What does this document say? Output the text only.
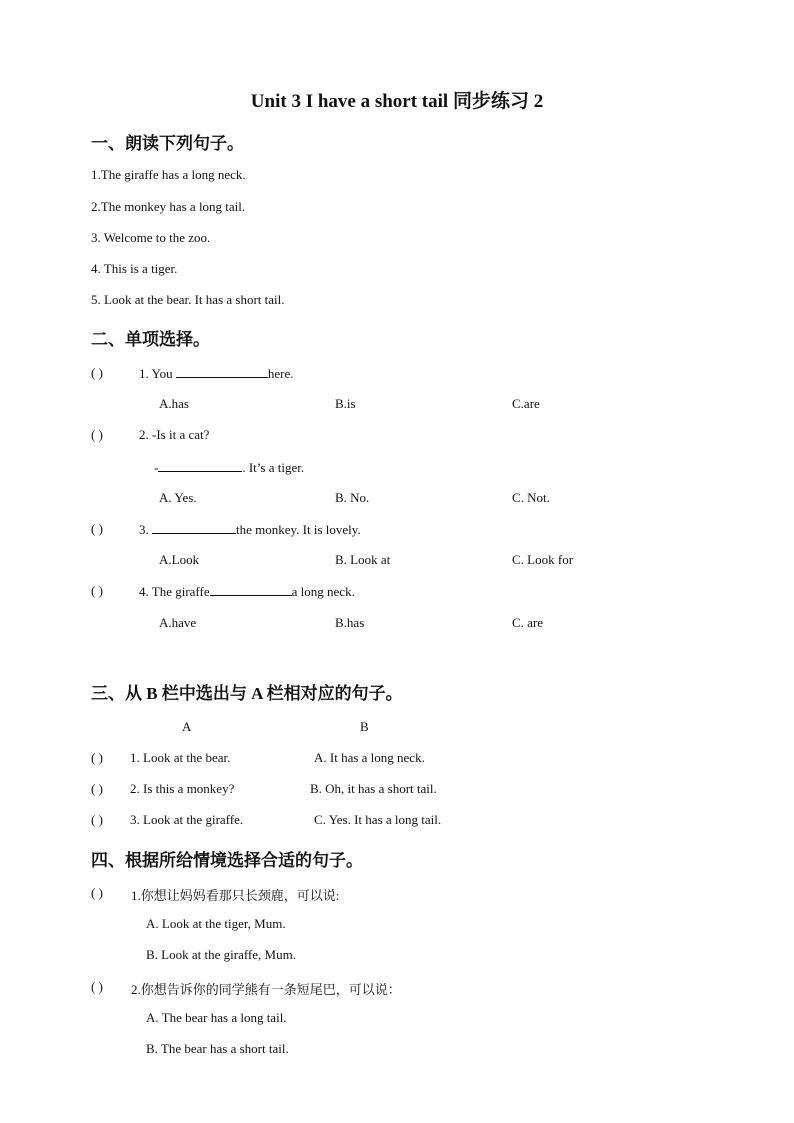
Unit 3 I have a short tail 同步练习 2
一、朗读下列句子。
1.The giraffe has a long neck.
2.The monkey has a long tail.
3. Welcome to the zoo.
4. This is a tiger.
5. Look at the bear. It has a short tail.
二、单项选择。
( )	1. You	here.
A.has	B.is	C.are
( )	2. -Is it a cat?
-	. It’s a tiger.
A. Yes.	B. No.	C. Not.
( )	3.	the monkey. It is lovely.
A.Look	B. Look at	C. Look for
( )	4. The giraffe	a long neck.
A.have	B.has	C. are
三、从 B 栏中选出与 A 栏相对应的句子。
A	B
( ) 1. Look at the bear.	A. It has a long neck.
( ) 2. Is this a monkey?	B. Oh, it has a short tail.
( ) 3. Look at the giraffe.	C. Yes. It has a long tail.
四、根据所给情境选择合适的句子。
( ) 1.你想让妈妈看那只长颈鹿，可以说:
A. Look at the tiger, Mum.
B. Look at the giraffe, Mum.
( ) 2.你想告诉你的同学熊有一条短尾巴，可以说：
A. The bear has a long tail.
B. The bear has a short tail.
